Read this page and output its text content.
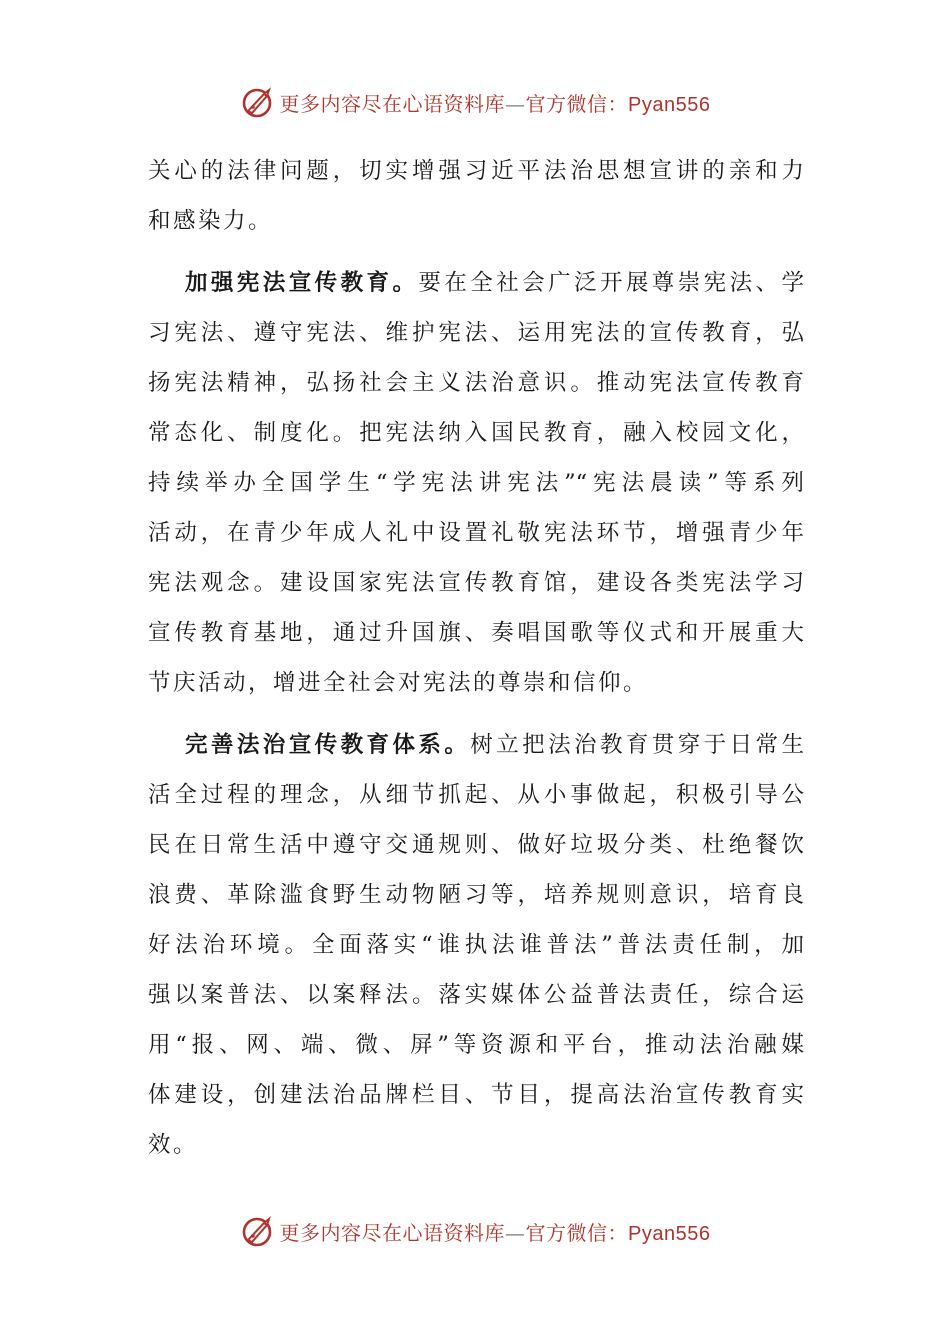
更多内容尽在心语资料库—官方微信：Pyan556
关心的法律问题，切实增强习近平法治思想宣讲的亲和力
和感染力。
加强宪法宣传教育。要在全社会广泛开展尊崇宪法、学
习宪法、遵守宪法、维护宪法、运用宪法的宣传教育，弘
扬宪法精神，弘扬社会主义法治意识。推动宪法宣传教育
常态化、制度化。把宪法纳入国民教育，融入校园文化，
持续举办全国学生“学宪法讲宪法”“宪法晨读”等系列
活动，在青少年成人礼中设置礼敬宪法环节，增强青少年
宪法观念。建设国家宪法宣传教育馆，建设各类宪法学习
宣传教育基地，通过升国旗、奏唱国歌等仪式和开展重大
节庆活动，增进全社会对宪法的尊崇和信仰。
完善法治宣传教育体系。树立把法治教育贯穿于日常生
活全过程的理念，从细节抓起、从小事做起，积极引导公
民在日常生活中遵守交通规则、做好垃圾分类、杜绝餐饮
浪费、革除滥食野生动物陋习等，培养规则意识，培育良
好法治环境。全面落实“谁执法谁普法”普法责任制，加
强以案普法、以案释法。落实媒体公益普法责任，综合运
用“报、网、端、微、屏”等资源和平台，推动法治融媒
体建设，创建法治品牌栏目、节目，提高法治宣传教育实
效。
更多内容尽在心语资料库—官方微信：Pyan556
